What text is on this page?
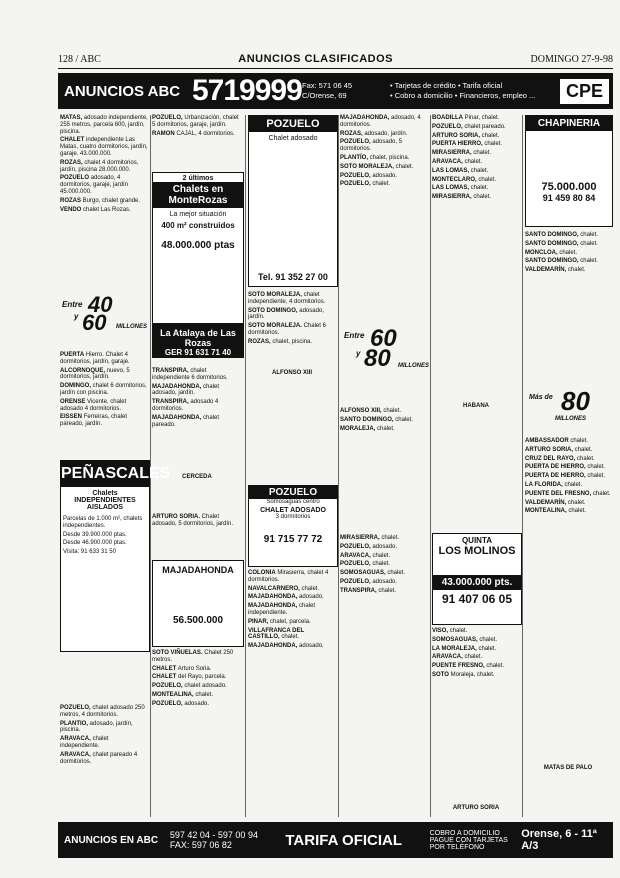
128 / ABC	ANUNCIOS CLASIFICADOS	DOMINGO 27-9-98
ANUNCIOS ABC 5719999 Fax: 571 06 45
C/Orense, 69
• Tarjetas de crédito • Tarifa oficial
• Cobro a domicilio • Financieros, empleo ...	CPE

MATAS, adosado independiente, 255 metros, parcela 600, jardín, piscina.

CHALET independiente Las Matas, cuatro dormitorios, jardín, garaje. 43.000.000.

ROZAS, chalet 4 dormitorios, jardín, piscina 28.000.000.

POZUELO adosado, 4 dormitorios, garaje, jardín 45.000.000.

ROZAS Burgo, chalet grande.

VENDO chalet Las Rozas.

Entre 40
y 60 MILLONES

PUERTA Hierro. Chalet 4 dormitorios, jardín, garaje.

ALCORNOQUE, nuevo, 5 dormitorios, jardín.

DOMINGO, chalet 6 dormitorios, jardín con piscina.

ORENSE Vicente, chalet adosado 4 dormitorios.

EISSEN Ferreiras, chalet pareado, jardín.

PEÑASCALES
Chalets INDEPENDIENTES AISLADOS

Parcelas de 1.000 m², chalets independientes.

Desde 39.900.000 ptas.

Desde 46.900.000 ptas.

Visita: 91 633 31 50

POZUELO, chalet adosado 250 metros, 4 dormitorios.

PLANTIO, adosado, jardín, piscina.

ARAVACA, chalet independiente.

ARAVACA, chalet pareado 4 dormitorios.

POZUELO, Urbanización, chalet 5 dormitorios, garaje, jardín.

RAMON CAJAL, 4 dormitorios.

2 últimos
Chalets en MonteRozas
La mejor situación
400 m² construidos
48.000.000 ptas
La Atalaya de Las Rozas
GER 91 631 71 40

TRANSPIRA, chalet independiente 6 dormitorios.

MAJADAHONDA, chalet adosado, jardín.

TRANSPIRA, adosado 4 dormitorios.

MAJADAHONDA, chalet pareado.

CERCEDA

ARTURO SORIA. Chalet adosado, 5 dormitorios, jardín.

MAJADAHONDA
56.500.000

SOTO VIÑUELAS. Chalet 250 metros.

CHALET Arturo Soria.

CHALET del Rayo, parcela.

POZUELO, chalet adosado.

MONTEALINA, chalet.

POZUELO, adosado.

POZUELO
Chalet adosado
Tel. 91 352 27 00

SOTO MORALEJA, chalet independiente, 4 dormitorios.

SOTO DOMINGO, adosado, jardín.

SOTO MORALEJA. Chalet 6 dormitorios.

ROZAS, chalet, piscina.

ALFONSO XIII
POZUELO
Somosaguas centro
CHALET ADOSADO
3 dormitorios
91 715 77 72

COLONIA Mirasierra, chalet 4 dormitorios.

NAVALCARNERO, chalet.

MAJADAHONDA, adosado.

MAJADAHONDA, chalet independiente.

PINAR, chalet, parcela.

VILLAFRANCA DEL CASTILLO, chalet.

MAJADAHONDA, adosado.

MAJADAHONDA, adosado, 4 dormitorios.

ROZAS, adosado, jardín.

POZUELO, adosado, 5 dormitorios.

PLANTÍO, chalet, piscina.

SOTO MORALEJA, chalet.

POZUELO, adosado.

POZUELO, chalet.

Entre 60
y 80 MILLONES

ALFONSO XIII, chalet.

SANTO DOMINGO, chalet.

MORALEJA, chalet.

MIRASIERRA, chalet.

POZUELO, adosado.

ARAVACA, chalet.

POZUELO, chalet.

SOMOSAGUAS, chalet.

POZUELO, adosado.

TRANSPIRA, chalet.

BOADILLA Pinar, chalet.

POZUELO, chalet pareado.

ARTURO SORIA, chalet.

PUERTA HIERRO, chalet.

MIRASIERRA, chalet.

ARAVACA, chalet.

LAS LOMAS, chalet.

MONTECLARO, chalet.

LAS LOMAS, chalet.

MIRASIERRA, chalet.

HABANA
QUINTA
LOS MOLINOS
43.000.000 pts.
91 407 06 05

VISO, chalet.

SOMOSAGUAS, chalet.

LA MORALEJA, chalet.

ARAVACA, chalet.

PUENTE FRESNO, chalet.

SOTO Moraleja, chalet.

ARTURO SORIA
CHAPINERIA
75.000.000
91 459 80 84

SANTO DOMINGO, chalet.

SANTO DOMINGO, chalet.

MONCLOA, chalet.

SANTO DOMINGO, chalet.

VALDEMARÍN, chalet.

Más de 80
MILLONES

AMBASSADOR chalet.

ARTURO SORIA, chalet.

CRUZ DEL RAYO, chalet.

PUERTA DE HIERRO, chalet.

PUERTA DE HIERRO, chalet.

LA FLORIDA, chalet.

PUENTE DEL FRESNO, chalet.

VALDEMARÍN, chalet.

MONTEALINA, chalet.

MATAS DE PALO
ANUNCIOS EN ABC	597 42 04 - 597 00 94
FAX: 597 06 82	TARIFA OFICIAL	COBRO A DOMICILIO PAGUE CON TARJETAS POR TELÉFONO
Orense, 6 - 11ª A/3
